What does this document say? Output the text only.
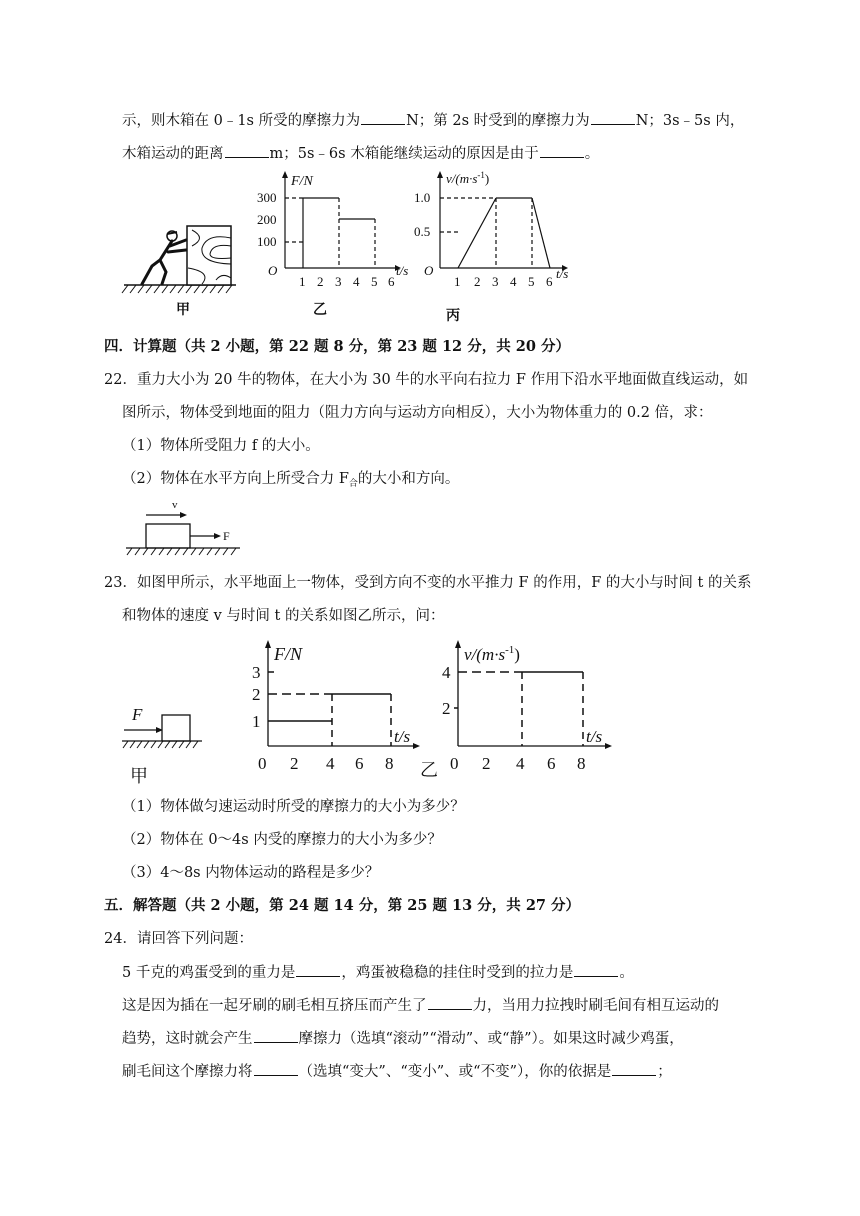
示，则木箱在 0﹣1s 所受的摩擦力为	N；第 2s 时受到的摩擦力为	N；3s﹣5s 内，
木箱运动的距离	m；5s﹣6s 木箱能继续运动的原因是由于	。
甲
F/N
300
200
100
O
1 2 3 4 5 6
t/s
乙
$v/(m\cdot s^{-1})$
1.0
0.5
O
1 2 3 4 5 6
t/s
丙
四．计算题（共 2 小题，第 22 题 8 分，第 23 题 12 分，共 20 分）
22．重力大小为 20 牛的物体，在大小为 30 牛的水平向右拉力 F 作用下沿水平地面做直线运动，如
图所示，物体受到地面的阻力（阻力方向与运动方向相反），大小为物体重力的 0.2 倍，求：
（1）物体所受阻力 f 的大小。
（2）物体在水平方向上所受合力 $F_合$的大小和方向。
v
F
23．如图甲所示，水平地面上一物体，受到方向不变的水平推力 F 的作用，F 的大小与时间 t 的关系
和物体的速度 v 与时间 t 的关系如图乙所示，问：
F
甲
F/N
3
2
1
t/s
0 2 4 6 8 乙
$v/(m\cdot s^{-1})$
4
2
t/s
0 2 4 6 8
（1）物体做匀速运动时所受的摩擦力的大小为多少？
（2）物体在 0～4s 内受的摩擦力的大小为多少？
（3）4～8s 内物体运动的路程是多少？
五．解答题（共 2 小题，第 24 题 14 分，第 25 题 13 分，共 27 分）
24．请回答下列问题：
5 千克的鸡蛋受到的重力是	，鸡蛋被稳稳的挂住时受到的拉力是	。
这是因为插在一起牙刷的刷毛相互挤压而产生了	力，当用力拉拽时刷毛间有相互运动的
趋势，这时就会产生	摩擦力（选填“滚动”“滑动”、或“静”）。如果这时减少鸡蛋，
刷毛间这个摩擦力将	（选填“变大”、“变小”、或“不变”），你的依据是	；
